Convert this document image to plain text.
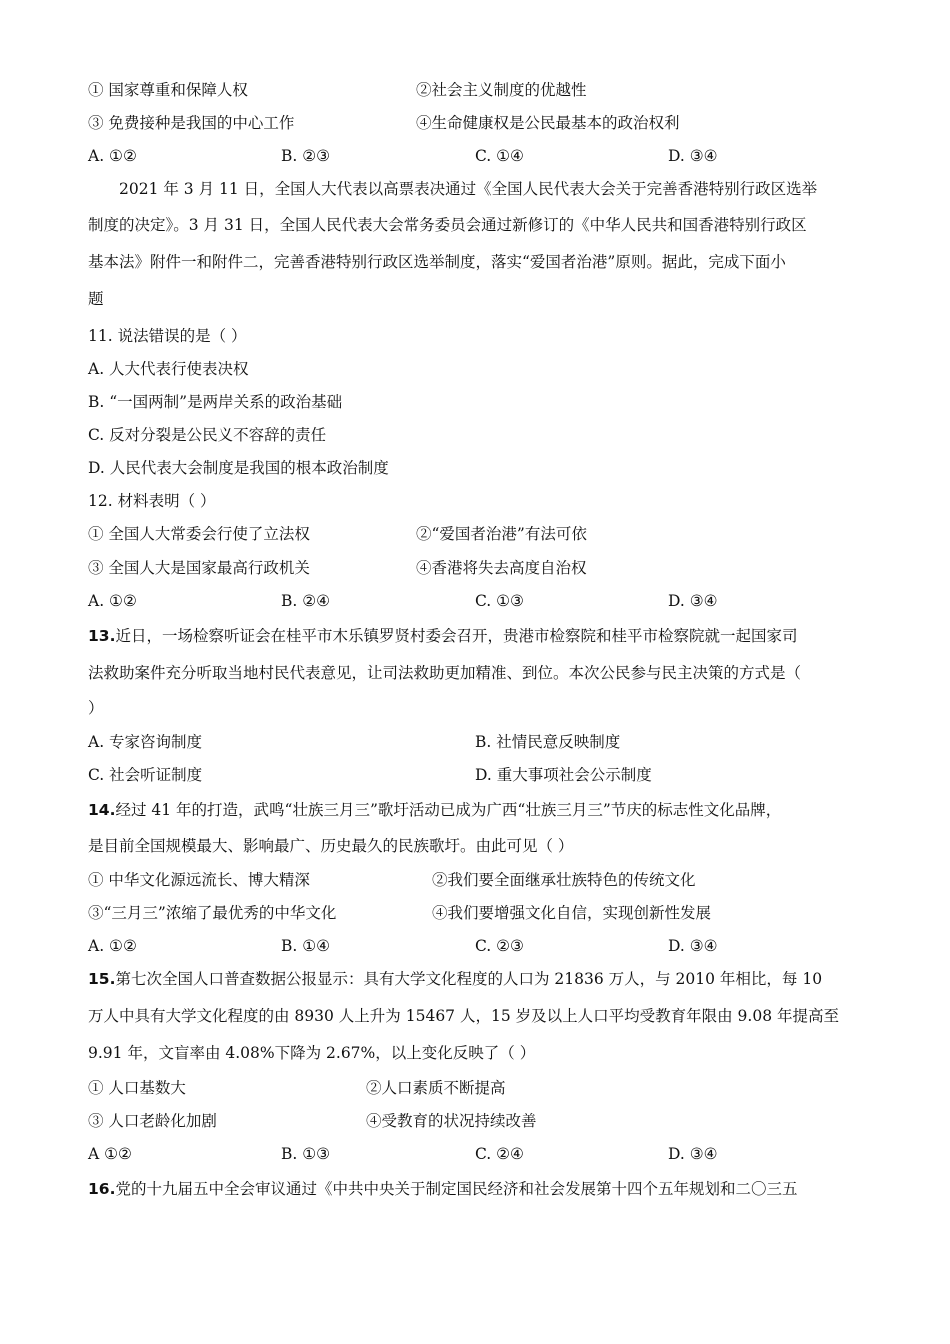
① 国家尊重和保障人权	②社会主义制度的优越性
③ 免费接种是我国的中心工作	④生命健康权是公民最基本的政治权利
A. ①②	B. ②③	C. ①④	D. ③④
2021 年 3 月 11 日，全国人大代表以高票表决通过《全国人民代表大会关于完善香港特别行政区选举
制度的决定》。3 月 31 日，全国人民代表大会常务委员会通过新修订的《中华人民共和国香港特别行政区
基本法》附件一和附件二，完善香港特别行政区选举制度，落实“爱国者治港”原则。据此，完成下面小
题
11. 说法错误的是（ ）
A. 人大代表行使表决权
B. “一国两制”是两岸关系的政治基础
C. 反对分裂是公民义不容辞的责任
D. 人民代表大会制度是我国的根本政治制度
12. 材料表明（ ）
① 全国人大常委会行使了立法权	②“爱国者治港”有法可依
③ 全国人大是国家最高行政机关	④香港将失去高度自治权
A. ①②	B. ②④	C. ①③	D. ③④
13.近日，一场检察听证会在桂平市木乐镇罗贤村委会召开，贵港市检察院和桂平市检察院就一起国家司
法救助案件充分听取当地村民代表意见，让司法救助更加精准、到位。本次公民参与民主决策的方式是（
）
A. 专家咨询制度	B. 社情民意反映制度
C. 社会听证制度	D. 重大事项社会公示制度
14.经过 41 年的打造，武鸣“壮族三月三”歌圩活动已成为广西“壮族三月三”节庆的标志性文化品牌，
是目前全国规模最大、影响最广、历史最久的民族歌圩。由此可见（ ）
① 中华文化源远流长、博大精深	②我们要全面继承壮族特色的传统文化
③“三月三”浓缩了最优秀的中华文化	④我们要增强文化自信，实现创新性发展
A. ①②	B. ①④	C. ②③	D. ③④
15.第七次全国人口普查数据公报显示：具有大学文化程度的人口为 21836 万人，与 2010 年相比，每 10
万人中具有大学文化程度的由 8930 人上升为 15467 人，15 岁及以上人口平均受教育年限由 9.08 年提高至
9.91 年，文盲率由 4.08%下降为 2.67%，以上变化反映了（ ）
① 人口基数大	②人口素质不断提高
③ 人口老龄化加剧	④受教育的状况持续改善
A ①②	B. ①③	C. ②④	D. ③④
16.党的十九届五中全会审议通过《中共中央关于制定国民经济和社会发展第十四个五年规划和二〇三五
